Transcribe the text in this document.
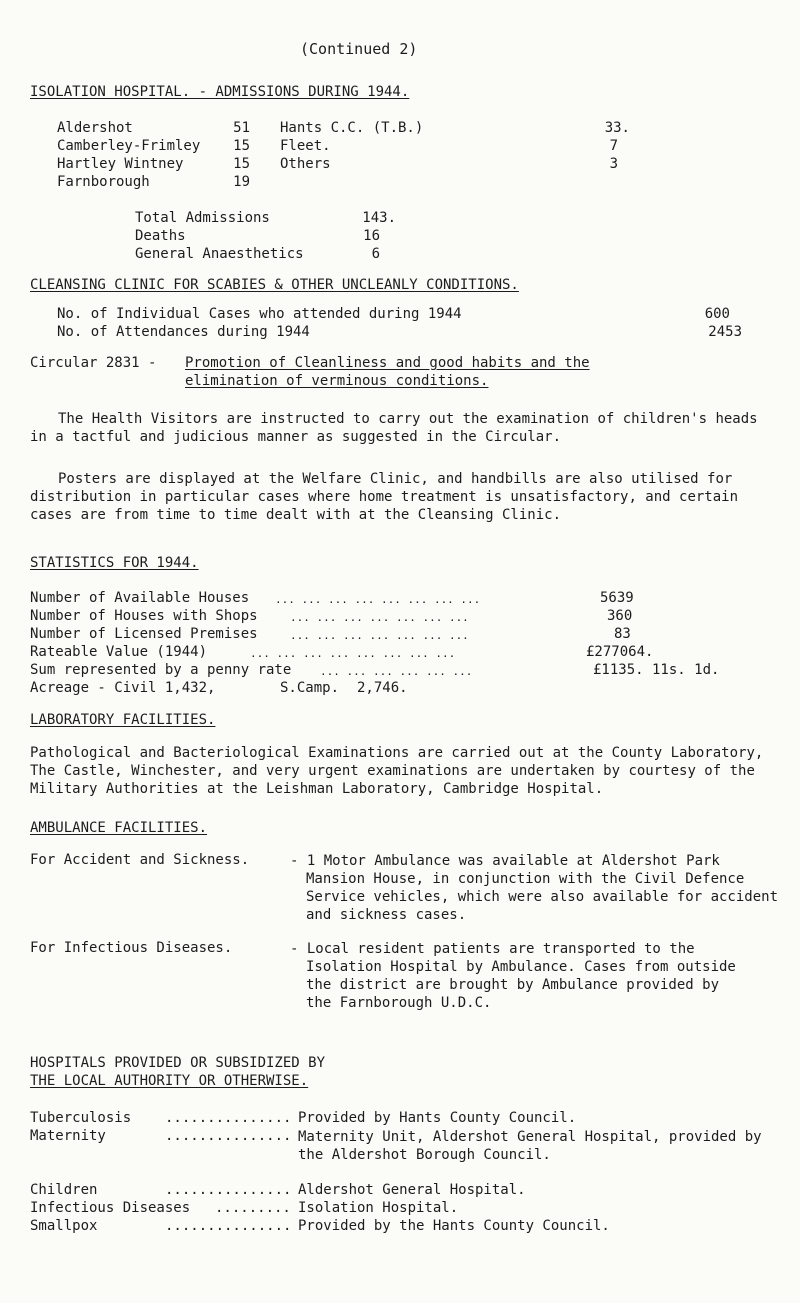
(Continued 2)
ISOLATION HOSPITAL. - ADMISSIONS DURING 1944.
Aldershot	51
Camberley-Frimley	15
Hartley Wintney	15
Farnborough	19
Hants C.C. (T.B.)	33.
Fleet.	7
Others	3
Total Admissions	143.
Deaths	16
General Anaesthetics	6
CLEANSING CLINIC FOR SCABIES & OTHER UNCLEANLY CONDITIONS.
No. of Individual Cases who attended during 1944	600
No. of Attendances during 1944	2453
Circular 2831 - Promotion of Cleanliness and good habits and the
elimination of verminous conditions.
The Health Visitors are instructed to carry out the examination of children's heads in a tactful and judicious manner as suggested in the Circular.
Posters are displayed at the Welfare Clinic, and handbills are also utilised for distribution in particular cases where home treatment is unsatisfactory, and certain cases are from time to time dealt with at the Cleansing Clinic.
STATISTICS FOR 1944.
Number of Available Houses ... ... ... ... ... ... ... ...	5639
Number of Houses with Shops	... ... ... ... ... ... ...	360
Number of Licensed Premises	... ... ... ... ... ... ...	83
Rateable Value (1944)	... ... ... ... ... ... ... ...	£277064.
Sum represented by a penny rate	... ... ... ... ... ...	£1135. 11s. 1d.
Acreage - Civil 1,432,	S.Camp. 2,746.
LABORATORY FACILITIES.
Pathological and Bacteriological Examinations are carried out at the County Laboratory, The Castle, Winchester, and very urgent examinations are undertaken by courtesy of the Military Authorities at the Leishman Laboratory, Cambridge Hospital.
AMBULANCE FACILITIES.
For Accident and Sickness.	- 1 Motor Ambulance was available at Aldershot Park Mansion House, in conjunction with the Civil Defence Service vehicles, which were also available for accident and sickness cases.
For Infectious Diseases.	- Local resident patients are transported to the Isolation Hospital by Ambulance. Cases from outside the district are brought by Ambulance provided by the Farnborough U.D.C.
HOSPITALS PROVIDED OR SUBSIDIZED BY
THE LOCAL AUTHORITY OR OTHERWISE.
Tuberculosis ............... Provided by Hants County Council.
Maternity	............... Maternity Unit, Aldershot General Hospital, provided by the Aldershot Borough Council.
Children	............... Aldershot General Hospital.
Infectious Diseases ......... Isolation Hospital.
Smallpox	............... Provided by the Hants County Council.
